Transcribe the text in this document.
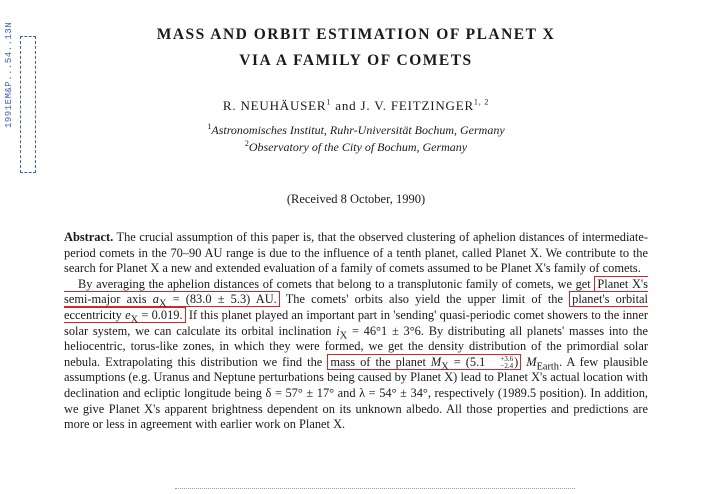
1991EM&P...54..13N	MASS AND ORBIT ESTIMATION OF PLANET X
VIA A FAMILY OF COMETS
R. NEUHÄUSER$^1$ and J. V. FEITZINGER$^{1, 2}$
$^1$Astronomisches Institut, Ruhr-Universität Bochum, Germany
$^2$Observatory of the City of Bochum, Germany
(Received 8 October, 1990)

Abstract. The crucial assumption of this paper is, that the observed clustering of aphelion distances of intermediate-period comets in the 70–90 AU range is due to the influence of a tenth planet, called Planet X. We contribute to the search for Planet X a new and extended evaluation of a family of comets assumed to be Planet X's family of comets.

By averaging the aphelion distances of comets that belong to a transplutonic family of comets, we get Planet X's semi-major axis $a_X = (83.0 \pm 5.3)$ AU. The comets' orbits also yield the upper limit of the planet's orbital eccentricity $e_X = 0.019$. If this planet played an important part in 'sending' quasi-periodic comet showers to the inner solar system, we can calculate its orbital inclination $i_X = 46^\circ 1 \pm 3^\circ 6$. By distributing all planets' masses into the heliocentric, torus-like zones, in which they were formed, we get the density distribution of the primordial solar nebula. Extrapolating this distribution we find the mass of the planet $M_X = (5.1$	+3.6
−2.4 ) $M_{Earth}$. A few plausible assumptions (e.g. Uranus and Neptune perturbations being caused by Planet X) lead to Planet X's actual location with declination and ecliptic longitude being δ = 57° ± 17° and λ = 54° ± 34°, respectively (1989.5 position). In addition, we give Planet X's apparent brightness dependent on its unknown albedo. All those properties and predictions are more or less in agreement with earlier work on Planet X.
